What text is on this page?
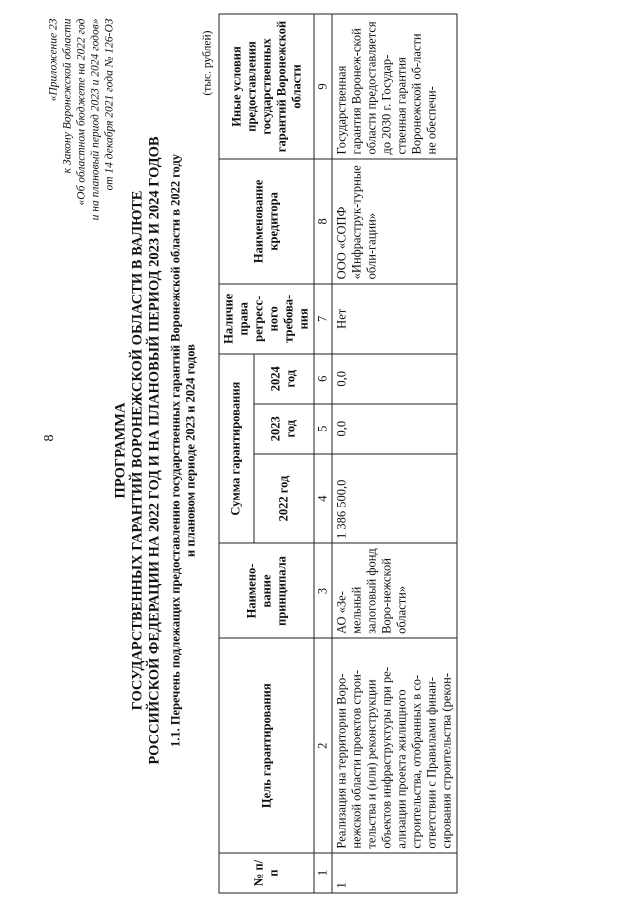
8
«Приложение 23 к Закону Воронежской области «Об областном бюджете на 2022 год и на плановый период 2023 и 2024 годов» от 14 декабря 2021 года № 126-ОЗ
ПРОГРАММА ГОСУДАРСТВЕННЫХ ГАРАНТИЙ ВОРОНЕЖСКОЙ ОБЛАСТИ В ВАЛЮТЕ РОССИЙСКОЙ ФЕДЕРАЦИИ НА 2022 ГОД И НА ПЛАНОВЫЙ ПЕРИОД 2023 И 2024 ГОДОВ 1.1. Перечень подлежащих предоставлению государственных гарантий Воронежской области в 2022 году и плановом периоде 2023 и 2024 годов
(тыс. рублей)
№ п/п	Цель гарантирования	Наимено-вание принципала	Сумма гарантирования			Наличие права регресс-ного требова-ния	Наименование кредитора	Иные условия предоставления государственных гарантий Воронежской области
			2022 год	2023 год	2024 год			
1	2	3	4	5	6	7	8	9
1	Реализация на территории Воро-нежской области проектов строи-тельства и (или) реконструкции объектов инфраструктуры при ре-ализации проекта жилищного строительства, отобранных в со-ответствии с Правилами финан-сирования строительства (рекон-	АО «Зе-мельный залоговый фонд Воро-нежской области»	1 386 500,0	0,0	0,0	Нет	ООО «СОПФ «Инфраструк-турные обли-гации»	Государственная гарантия Воронеж-ской области предоставляется до 2030 г. Государ-ственная гарантия Воронежской об-ласти не обеспечи-
